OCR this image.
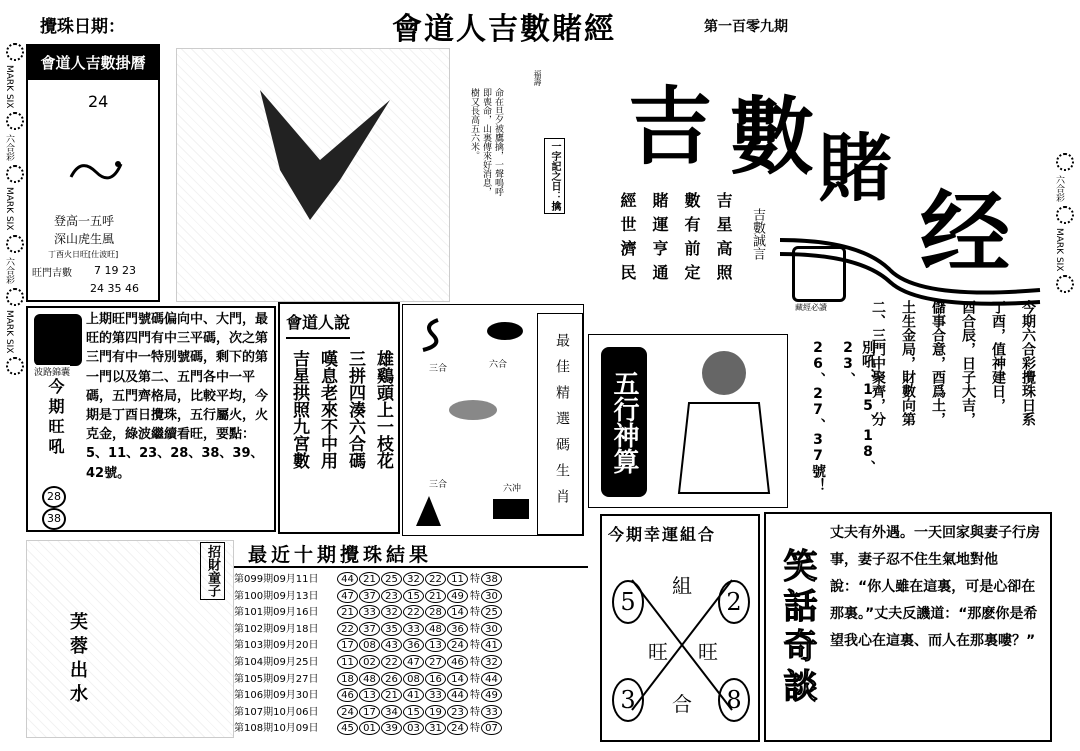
攪珠日期：	會道人吉數賭經	第一百零九期
MARK SIX
六合彩
MARK SIX
六合彩
MARK SIX
六合彩
MARK SIX
會道人吉數掛曆
24
登高一五呼
深山虎生風
丁酉火日旺[仕波旺]
旺門吉數 7 19 23
24 35 46
福壽
命在旦夕被鷹擒，一聲鳴呼即喪命，山裏傳來好消息，樹又長高五六米。
一字記之日：擒 吉 數 賭
经
藏經必讀
吉星高照
數有前定
賭運亨通
經世濟民	吉數誠言
波路錦囊
今期旺吼
28
38
上期旺門號碼偏向中、大門，最旺的第四門有中三平碼，次之第三門有中一特別號碼，剩下的第一門以及第二、五門各中一平碼，五門齊格局，比較平均，今期是丁酉日攪珠，五行屬火，火克金，綠波繼續看旺，要點：5、11、23、28、38、39、42號。
會道人說
雄鷄頭上一枝花
三拼四湊六合碼
嘆息老來不中用
吉星拱照九宮數	三合	六合
三合	六冲	最佳精選碼生肖	五行神算	今期六合彩攪珠日系
丁酉，值神建日，
酉合辰，日子大吉，
儲事合意，酉爲土，
土生金局，財數向第
二、三門中聚齊，分
別吼：15、18、23、
26、27、37號！
今期幸運組合
5	2
3	8
組
旺 旺
合	笑話奇談
丈夫有外遇。一天回家與妻子行房事，妻子忍不住生氣地對他說：“你人雖在這裏，可是心卻在那裏。”丈夫反譏道：“那麽你是希望我心在這裏、而人在那裏嘍？”
芙蓉出水
招財童子	最近十期攪珠結果
第099期09月11日 44 21 25 32 22 11 特 38
第100期09月13日 47 37 23 15 21 49 特 30
第101期09月16日 21 33 32 22 28 14 特 25
第102期09月18日 22 37 35 33 48 36 特 30
第103期09月20日 17 08 43 36 13 24 特 41
第104期09月25日 11 02 22 47 27 46 特 32
第105期09月27日 18 48 26 08 16 14 特 44
第106期09月30日 46 13 21 41 33 44 特 49
第107期10月06日 24 17 34 15 19 23 特 33
第108期10月09日 45 01 39 03 31 24 特 07
